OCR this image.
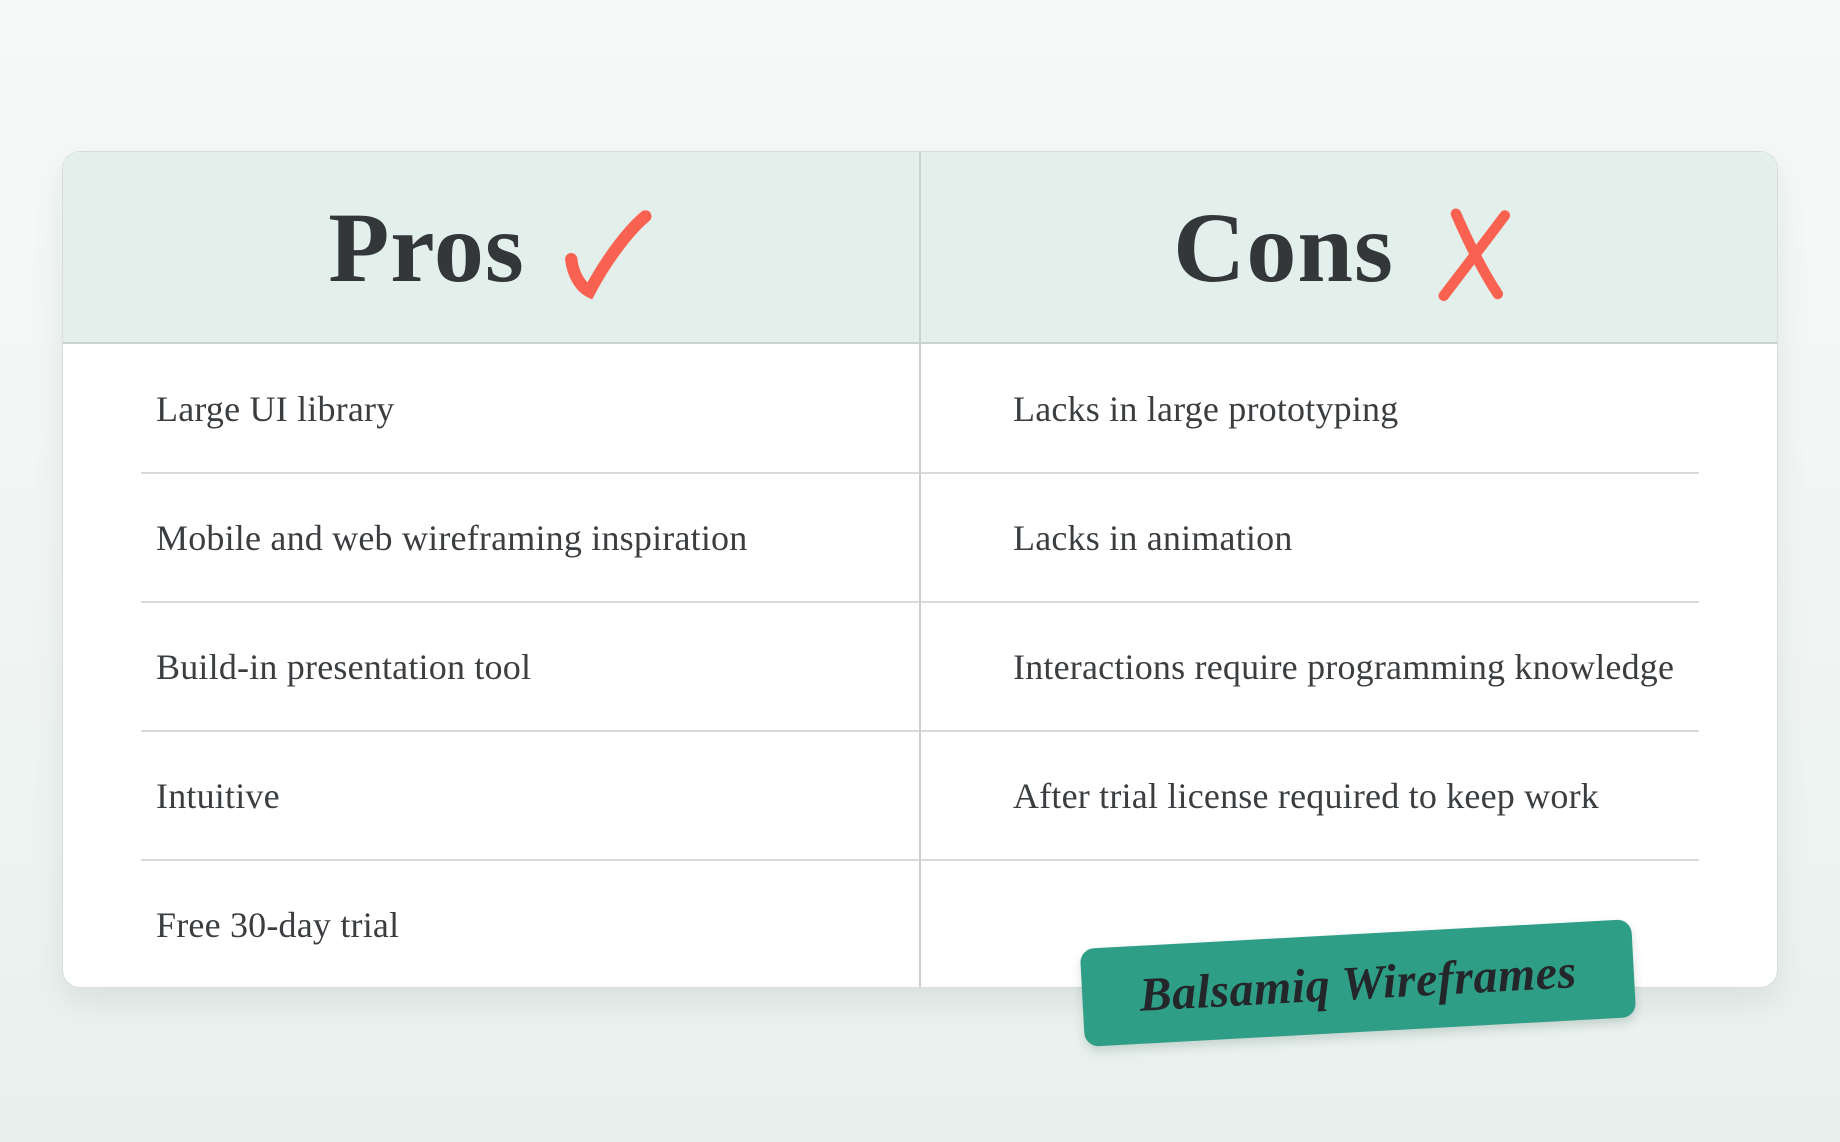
Pros	Cons
Large UI library	Lacks in large prototyping
Mobile and web wireframing inspiration	Lacks in animation
Build-in presentation tool	Interactions require programming knowledge
Intuitive	After trial license required to keep work
Free 30-day trial
Balsamiq Wireframes
